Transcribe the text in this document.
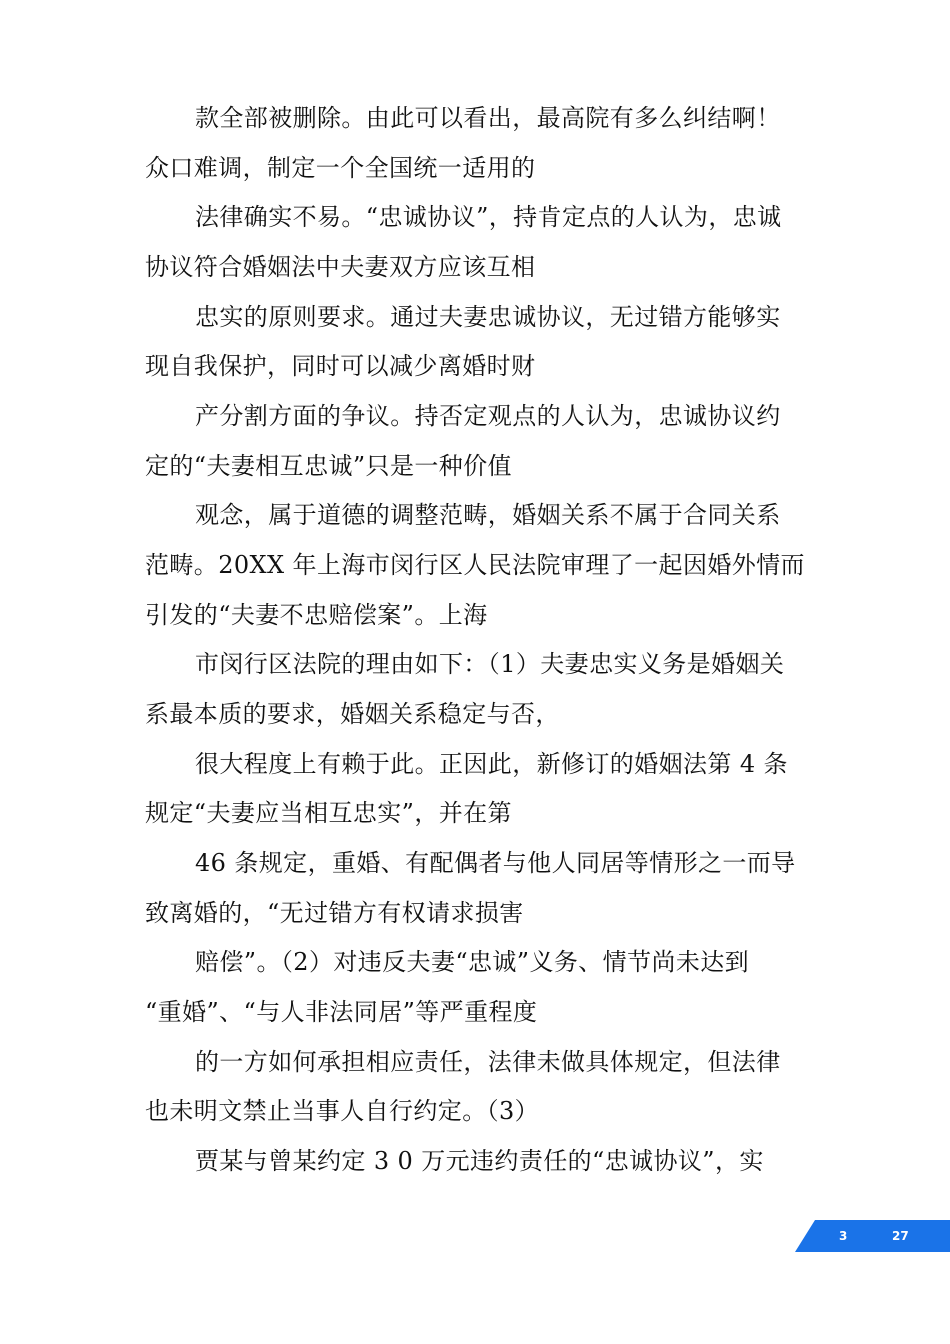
款全部被删除。由此可以看出，最高院有多么纠结啊！
众口难调，制定一个全国统一适用的
法律确实不易。“忠诚协议”，持肯定点的人认为，忠诚
协议符合婚姻法中夫妻双方应该互相
忠实的原则要求。通过夫妻忠诚协议，无过错方能够实
现自我保护，同时可以减少离婚时财
产分割方面的争议。持否定观点的人认为，忠诚协议约
定的“夫妻相互忠诚”只是一种价值
观念，属于道德的调整范畴，婚姻关系不属于合同关系
范畴。20XX 年上海市闵行区人民法院审理了一起因婚外情而
引发的“夫妻不忠赔偿案”。上海
市闵行区法院的理由如下：（1）夫妻忠实义务是婚姻关
系最本质的要求，婚姻关系稳定与否，
很大程度上有赖于此。正因此，新修订的婚姻法第 4 条
规定“夫妻应当相互忠实”，并在第
46 条规定，重婚、有配偶者与他人同居等情形之一而导
致离婚的，“无过错方有权请求损害
赔偿”。（2）对违反夫妻“忠诚”义务、情节尚未达到
“重婚”、“与人非法同居”等严重程度
的一方如何承担相应责任，法律未做具体规定，但法律
也未明文禁止当事人自行约定。（3）
贾某与曾某约定 3 0 万元违约责任的“忠诚协议”，实
3	27
